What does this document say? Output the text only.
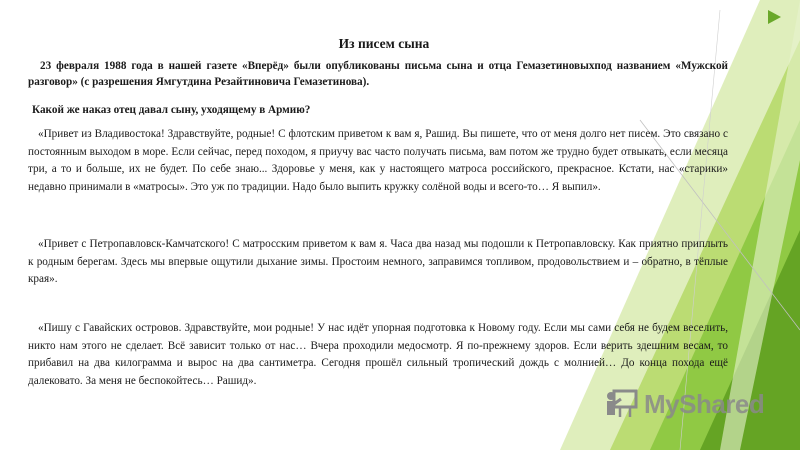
Из писем сына
23 февраля 1988 года в нашей газете «Вперёд» были опубликованы письма сына и отца Гемазетиновыхпод названием «Мужской разговор» (с разрешения Ямгутдина Резайтиновича Гемазетинова).
Какой же наказ отец давал сыну, уходящему в Армию?
«Привет из Владивостока! Здравствуйте, родные! С флотским приветом к вам я, Рашид. Вы пишете, что от меня долго нет писем. Это связано с постоянным выходом в море. Если сейчас, перед походом, я приучу вас часто получать письма, вам потом же трудно будет отвыкать, если месяца три, а то и больше, их не будет. По себе знаю... Здоровье у меня, как у настоящего матроса российского, прекрасное. Кстати, нас «старики» недавно принимали в «матросы». Это уж по традиции. Надо было выпить кружку солёной воды и всего-то… Я выпил».
«Привет с Петропавловск-Камчатского! С матросским приветом к вам я. Часа два назад мы подошли к Петропавловску. Как приятно приплыть к родным берегам. Здесь мы впервые ощутили дыхание зимы. Простоим немного, заправимся топливом, продовольствием и – обратно, в тёплые края».
«Пишу с Гавайских островов. Здравствуйте, мои родные! У нас идёт упорная подготовка к Новому году. Если мы сами себя не будем веселить, никто нам этого не сделает. Всё зависит только от нас… Вчера проходили медосмотр. Я по-прежнему здоров. Если верить здешним весам, то прибавил на два килограмма и вырос на два сантиметра. Сегодня прошёл сильный тропический дождь с молнией… До конца похода ещё далековато. За меня не беспокойтесь… Рашид».
MyShared
